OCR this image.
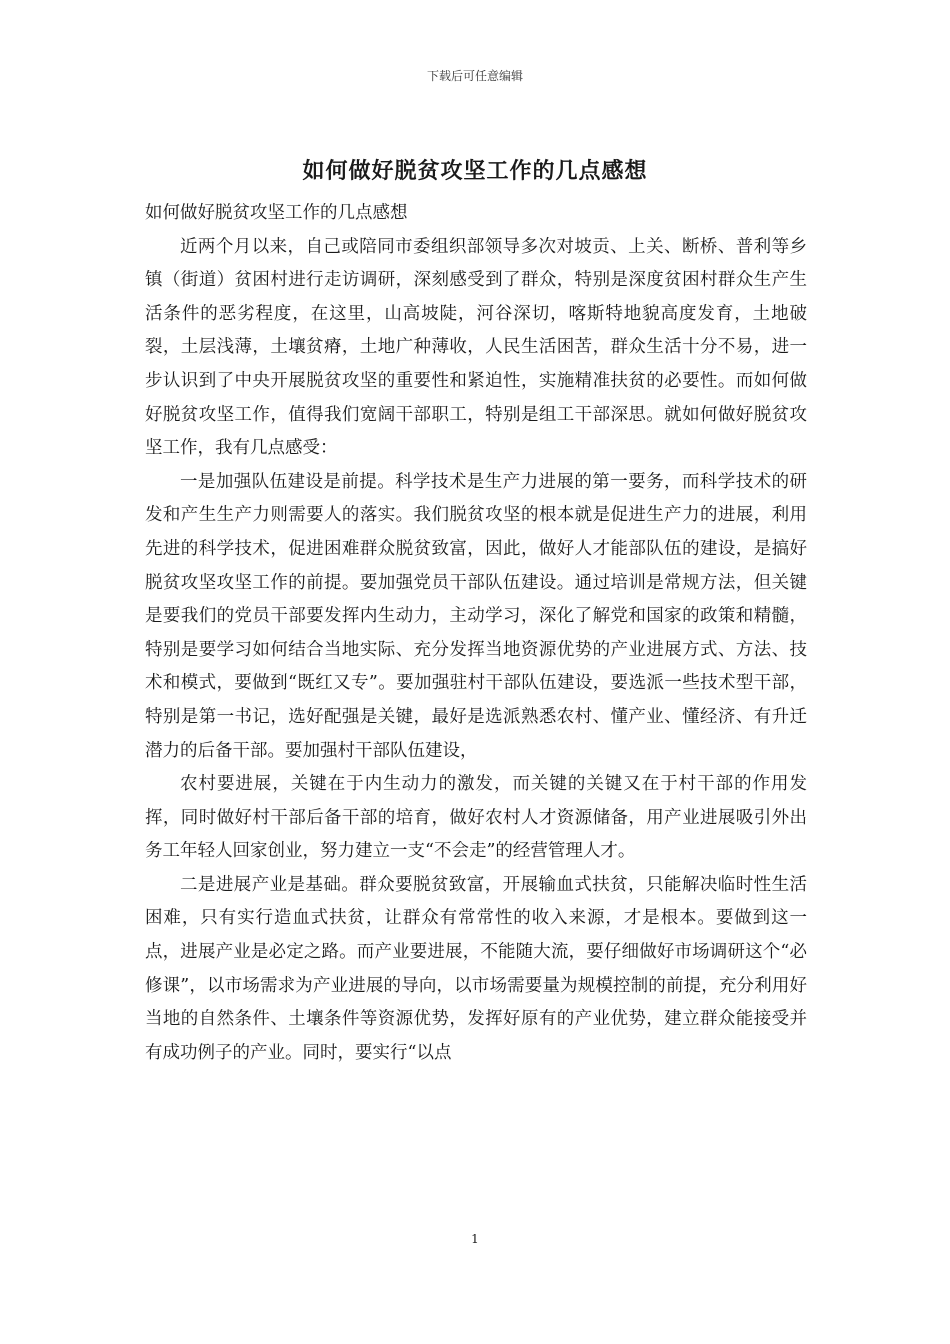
下载后可任意编辑
如何做好脱贫攻坚工作的几点感想
如何做好脱贫攻坚工作的几点感想

近两个月以来，自己或陪同市委组织部领导多次对坡贡、上关、断桥、普利等乡镇（街道）贫困村进行走访调研，深刻感受到了群众，特别是深度贫困村群众生产生活条件的恶劣程度，在这里，山高坡陡，河谷深切，喀斯特地貌高度发育，土地破裂，土层浅薄，土壤贫瘠，土地广种薄收，人民生活困苦，群众生活十分不易，进一步认识到了中央开展脱贫攻坚的重要性和紧迫性，实施精准扶贫的必要性。而如何做好脱贫攻坚工作，值得我们宽阔干部职工，特别是组工干部深思。就如何做好脱贫攻坚工作，我有几点感受：

一是加强队伍建设是前提。科学技术是生产力进展的第一要务，而科学技术的研发和产生生产力则需要人的落实。我们脱贫攻坚的根本就是促进生产力的进展，利用先进的科学技术，促进困难群众脱贫致富，因此，做好人才能部队伍的建设，是搞好脱贫攻坚攻坚工作的前提。要加强党员干部队伍建设。通过培训是常规方法，但关键是要我们的党员干部要发挥内生动力，主动学习，深化了解党和国家的政策和精髓，特别是要学习如何结合当地实际、充分发挥当地资源优势的产业进展方式、方法、技术和模式，要做到“既红又专”。要加强驻村干部队伍建设，要选派一些技术型干部，特别是第一书记，选好配强是关键，最好是选派熟悉农村、懂产业、懂经济、有升迁潜力的后备干部。要加强村干部队伍建设，

农村要进展，关键在于内生动力的激发，而关键的关键又在于村干部的作用发挥，同时做好村干部后备干部的培育，做好农村人才资源储备，用产业进展吸引外出务工年轻人回家创业，努力建立一支“不会走”的经营管理人才。

二是进展产业是基础。群众要脱贫致富，开展输血式扶贫，只能解决临时性生活困难，只有实行造血式扶贫，让群众有常常性的收入来源，才是根本。要做到这一点，进展产业是必定之路。而产业要进展，不能随大流，要仔细做好市场调研这个“必修课”，以市场需求为产业进展的导向，以市场需要量为规模控制的前提，充分利用好当地的自然条件、土壤条件等资源优势，发挥好原有的产业优势，建立群众能接受并有成功例子的产业。同时，要实行“以点

1
